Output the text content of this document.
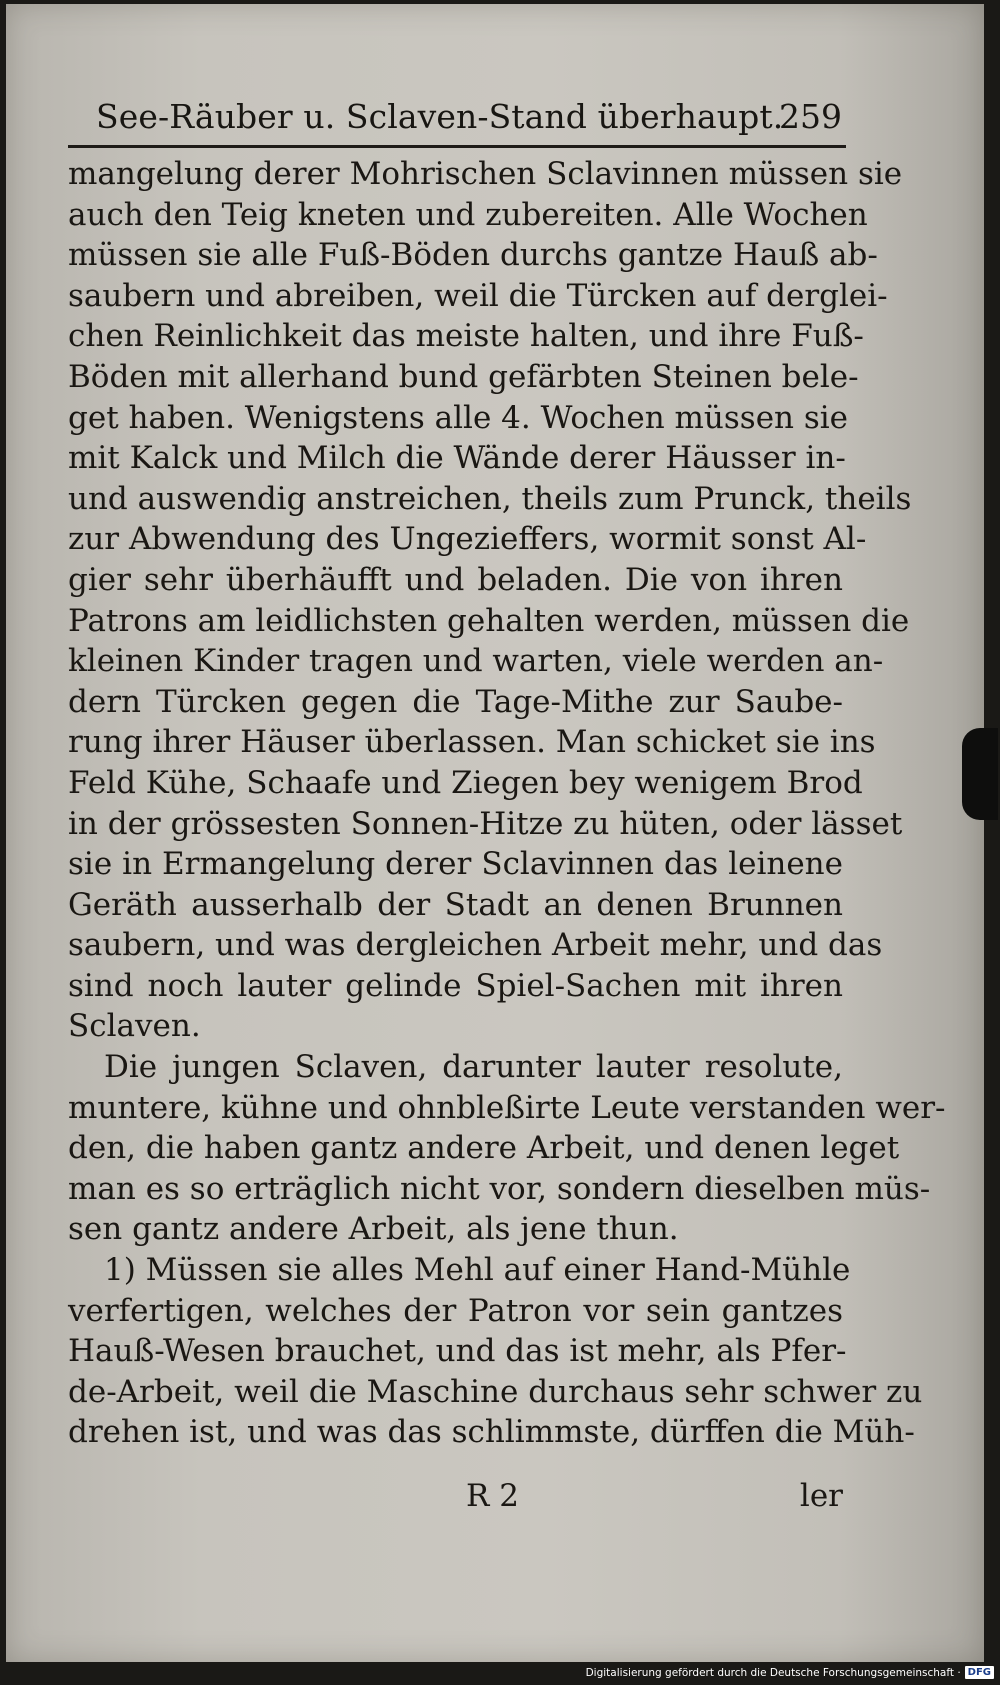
See-Räuber u. Sclaven-Stand überhaupt.
259
mangelung derer Mohrischen Sclavinnen müssen sie
auch den Teig kneten und zubereiten. Alle Wochen
müssen sie alle Fuß-Böden durchs gantze Hauß ab-
saubern und abreiben, weil die Türcken auf derglei-
chen Reinlichkeit das meiste halten, und ihre Fuß-
Böden mit allerhand bund gefärbten Steinen bele-
get haben. Wenigstens alle 4. Wochen müssen sie
mit Kalck und Milch die Wände derer Häusser in-
und auswendig anstreichen, theils zum Prunck, theils
zur Abwendung des Ungezieffers, wormit sonst Al-
gier sehr überhäufft und beladen. Die von ihren
Patrons am leidlichsten gehalten werden, müssen die
kleinen Kinder tragen und warten, viele werden an-
dern Türcken gegen die Tage-Mithe zur Saube-
rung ihrer Häuser überlassen. Man schicket sie ins
Feld Kühe, Schaafe und Ziegen bey wenigem Brod
in der grössesten Sonnen-Hitze zu hüten, oder lässet
sie in Ermangelung derer Sclavinnen das leinene
Geräth ausserhalb der Stadt an denen Brunnen
saubern, und was dergleichen Arbeit mehr, und das
sind noch lauter gelinde Spiel-Sachen mit ihren
Sclaven.
Die jungen Sclaven, darunter lauter resolute,
muntere, kühne und ohnbleßirte Leute verstanden wer-
den, die haben gantz andere Arbeit, und denen leget
man es so erträglich nicht vor, sondern dieselben müs-
sen gantz andere Arbeit, als jene thun.
1) Müssen sie alles Mehl auf einer Hand-Mühle
verfertigen, welches der Patron vor sein gantzes
Hauß-Wesen brauchet, und das ist mehr, als Pfer-
de-Arbeit, weil die Maschine durchaus sehr schwer zu
drehen ist, und was das schlimmste, dürffen die Müh-
R 2	ler
Digitalisierung gefördert durch die Deutsche Forschungsgemeinschaft · DFG
